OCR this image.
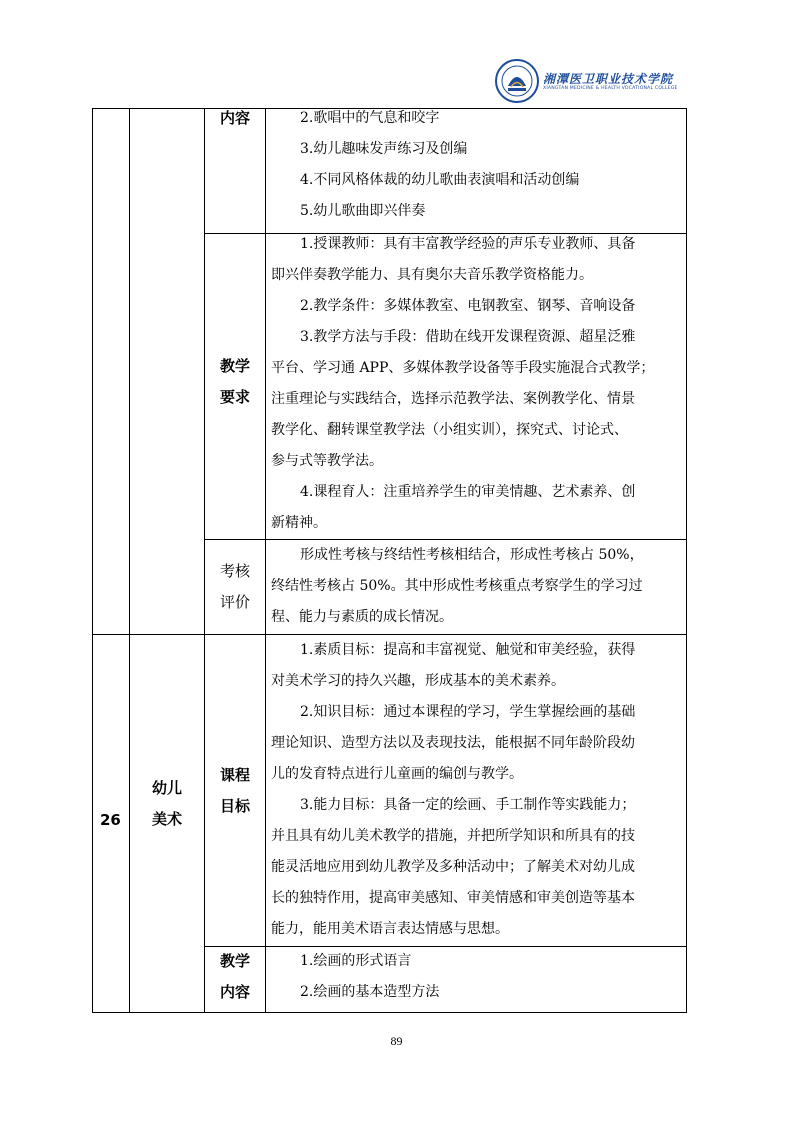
湘潭医卫职业技术学院
XIANGTAN MEDICINE & HEALTH VOCATIONAL COLLEGE
内容	2.歌唱中的气息和咬字
3.幼儿趣味发声练习及创编
4.不同风格体裁的幼儿歌曲表演唱和活动创编
5.幼儿歌曲即兴伴奏
教学
要求
1.授课教师：具有丰富教学经验的声乐专业教师、具备
即兴伴奏教学能力、具有奥尔夫音乐教学资格能力。
2.教学条件：多媒体教室、电钢教室、钢琴、音响设备
3.教学方法与手段：借助在线开发课程资源、超星泛雅
平台、学习通 APP、多媒体教学设备等手段实施混合式教学；
注重理论与实践结合，选择示范教学法、案例教学化、情景
教学化、翻转课堂教学法（小组实训），探究式、讨论式、
参与式等教学法。
4.课程育人：注重培养学生的审美情趣、艺术素养、创
新精神。
考核
评价
形成性考核与终结性考核相结合，形成性考核占 50%，
终结性考核占 50%。其中形成性考核重点考察学生的学习过
程、能力与素质的成长情况。
26
幼儿
美术
课程
目标
1.素质目标：提高和丰富视觉、触觉和审美经验，获得
对美术学习的持久兴趣，形成基本的美术素养。
2.知识目标：通过本课程的学习，学生掌握绘画的基础
理论知识、造型方法以及表现技法，能根据不同年龄阶段幼
儿的发育特点进行儿童画的编创与教学。
3.能力目标：具备一定的绘画、手工制作等实践能力；
并且具有幼儿美术教学的措施，并把所学知识和所具有的技
能灵活地应用到幼儿教学及多种活动中；了解美术对幼儿成
长的独特作用，提高审美感知、审美情感和审美创造等基本
能力，能用美术语言表达情感与思想。
教学
内容
1.绘画的形式语言
2.绘画的基本造型方法
89
